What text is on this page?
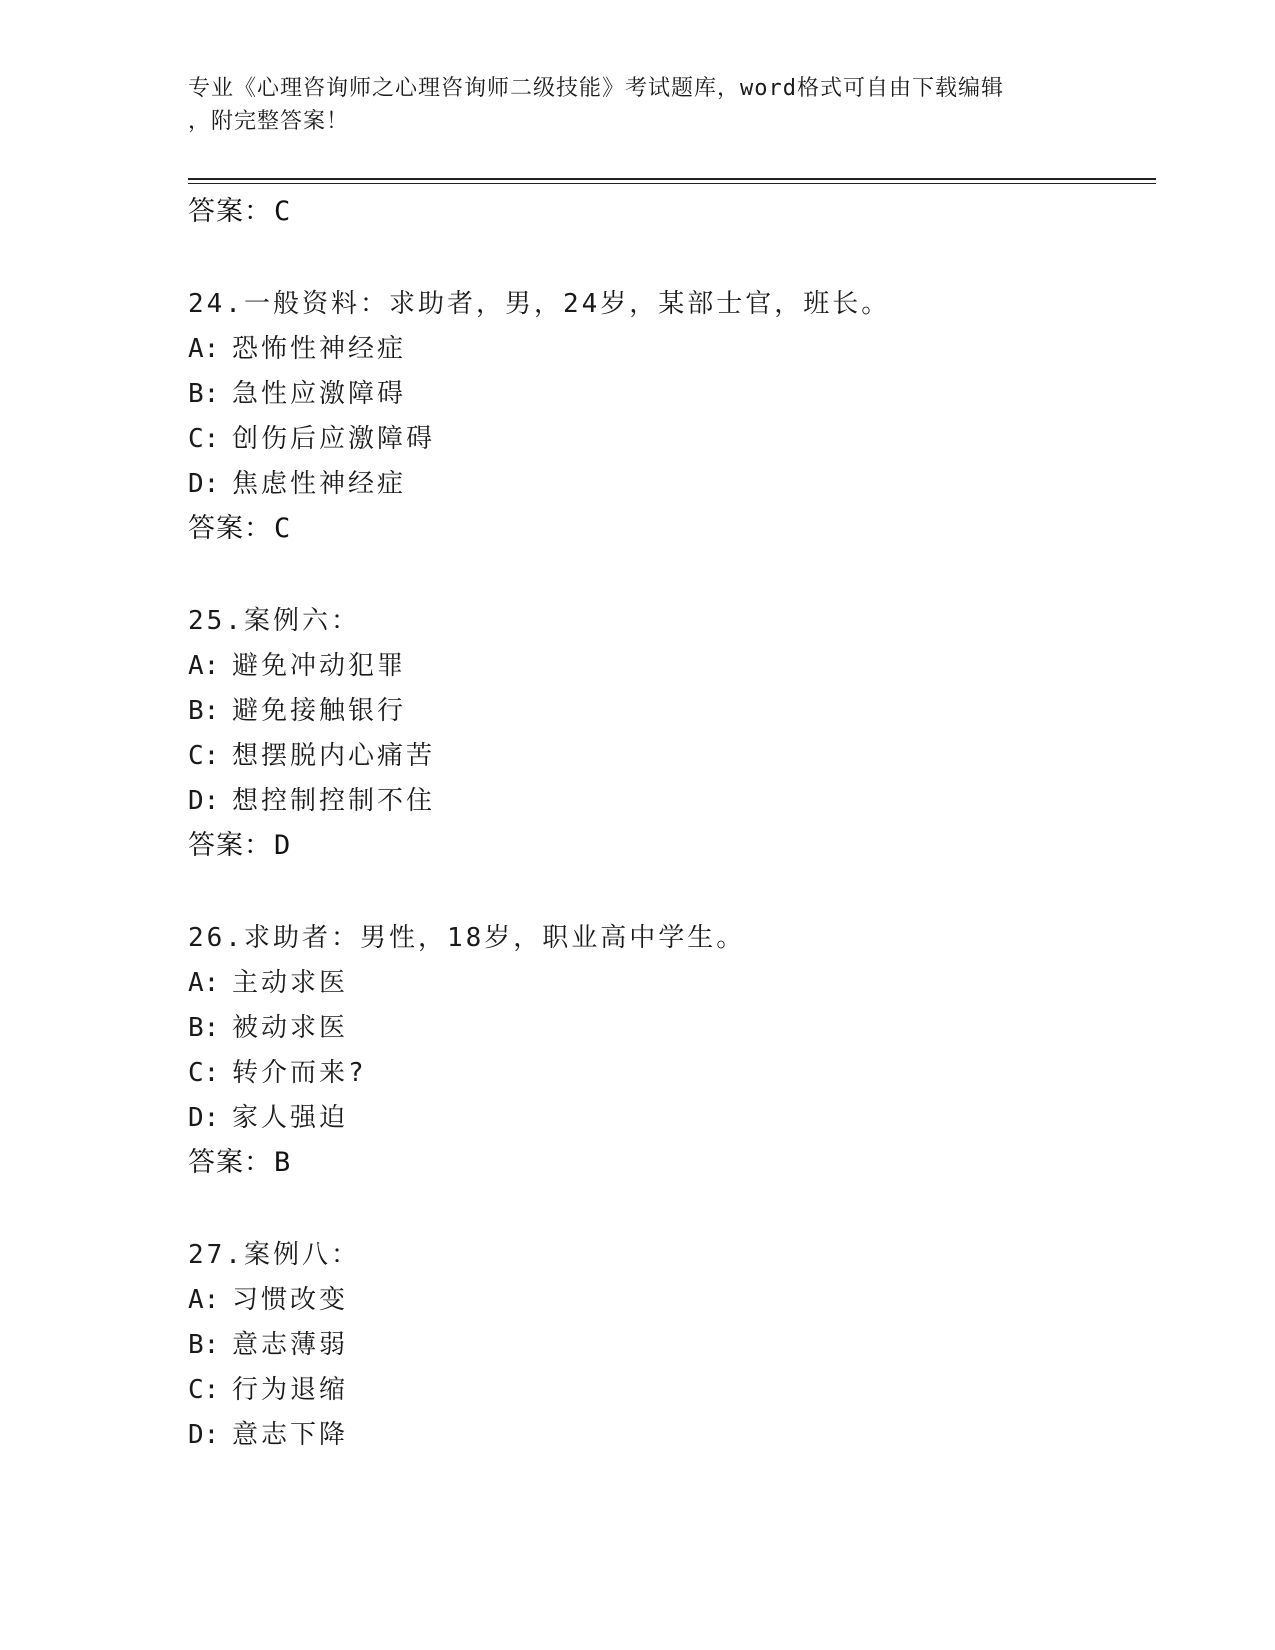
专业《心理咨询师之心理咨询师二级技能》考试题库，word格式可自由下载编辑
，附完整答案！
答案：C
24.一般资料：求助者，男，24岁，某部士官，班长。
A: 恐怖性神经症
B: 急性应激障碍
C: 创伤后应激障碍
D: 焦虑性神经症
答案：C
25.案例六：
A: 避免冲动犯罪
B: 避免接触银行
C: 想摆脱内心痛苦
D: 想控制控制不住
答案：D
26.求助者：男性，18岁，职业高中学生。
A: 主动求医
B: 被动求医
C: 转介而来?
D: 家人强迫
答案：B
27.案例八：
A: 习惯改变
B: 意志薄弱
C: 行为退缩
D: 意志下降
